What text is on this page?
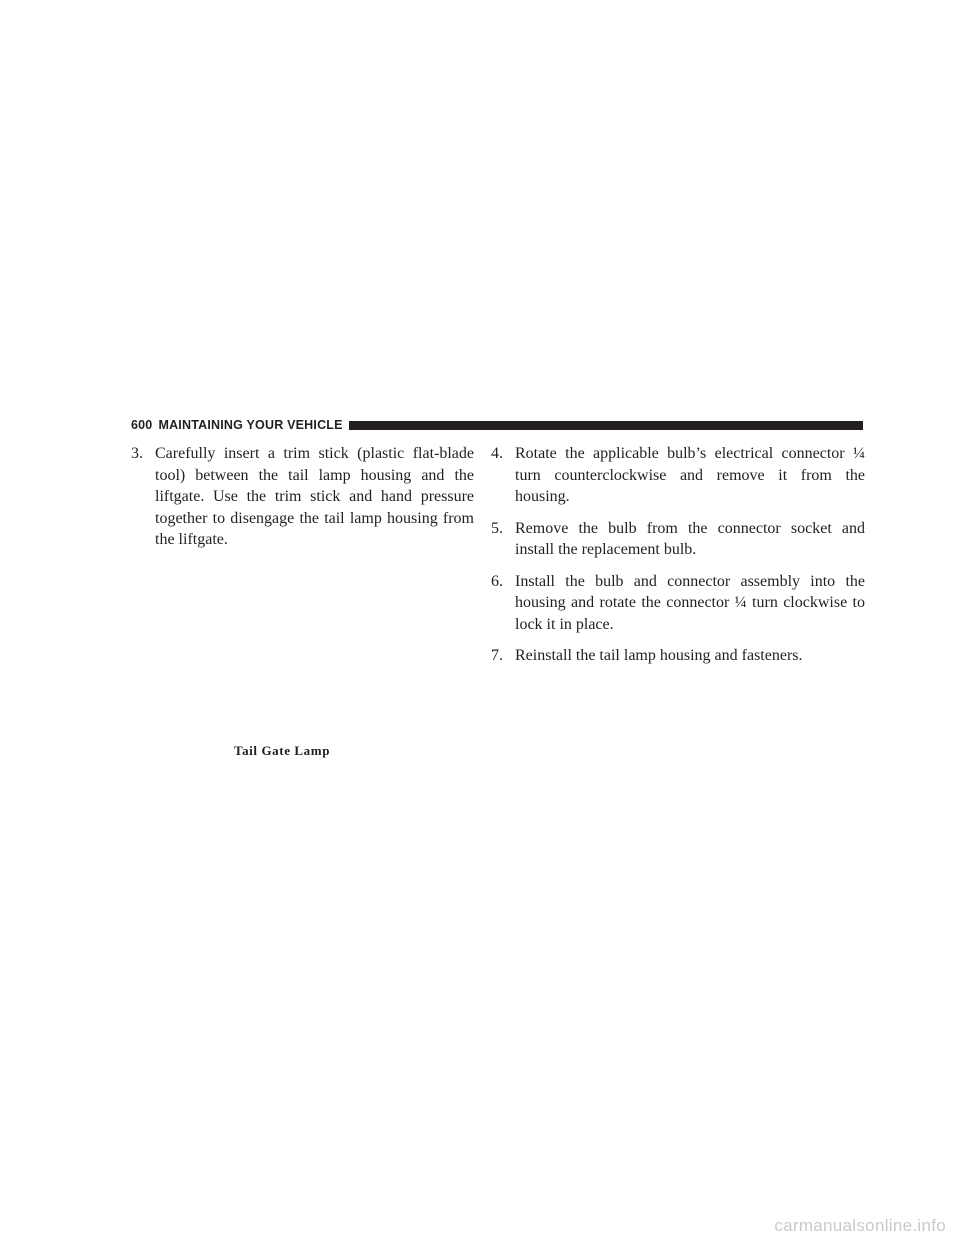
600 MAINTAINING YOUR VEHICLE

3. Carefully insert a trim stick (plastic flat-blade tool) between the tail lamp housing and the liftgate. Use the trim stick and hand pressure together to disengage the tail lamp housing from the liftgate.

Tail Gate Lamp

4. Rotate the applicable bulb’s electrical connector ¼ turn counterclockwise and remove it from the housing.

5. Remove the bulb from the connector socket and install the replacement bulb.

6. Install the bulb and connector assembly into the housing and rotate the connector ¼ turn clockwise to lock it in place.

7. Reinstall the tail lamp housing and fasteners.

carmanualsonline.info
